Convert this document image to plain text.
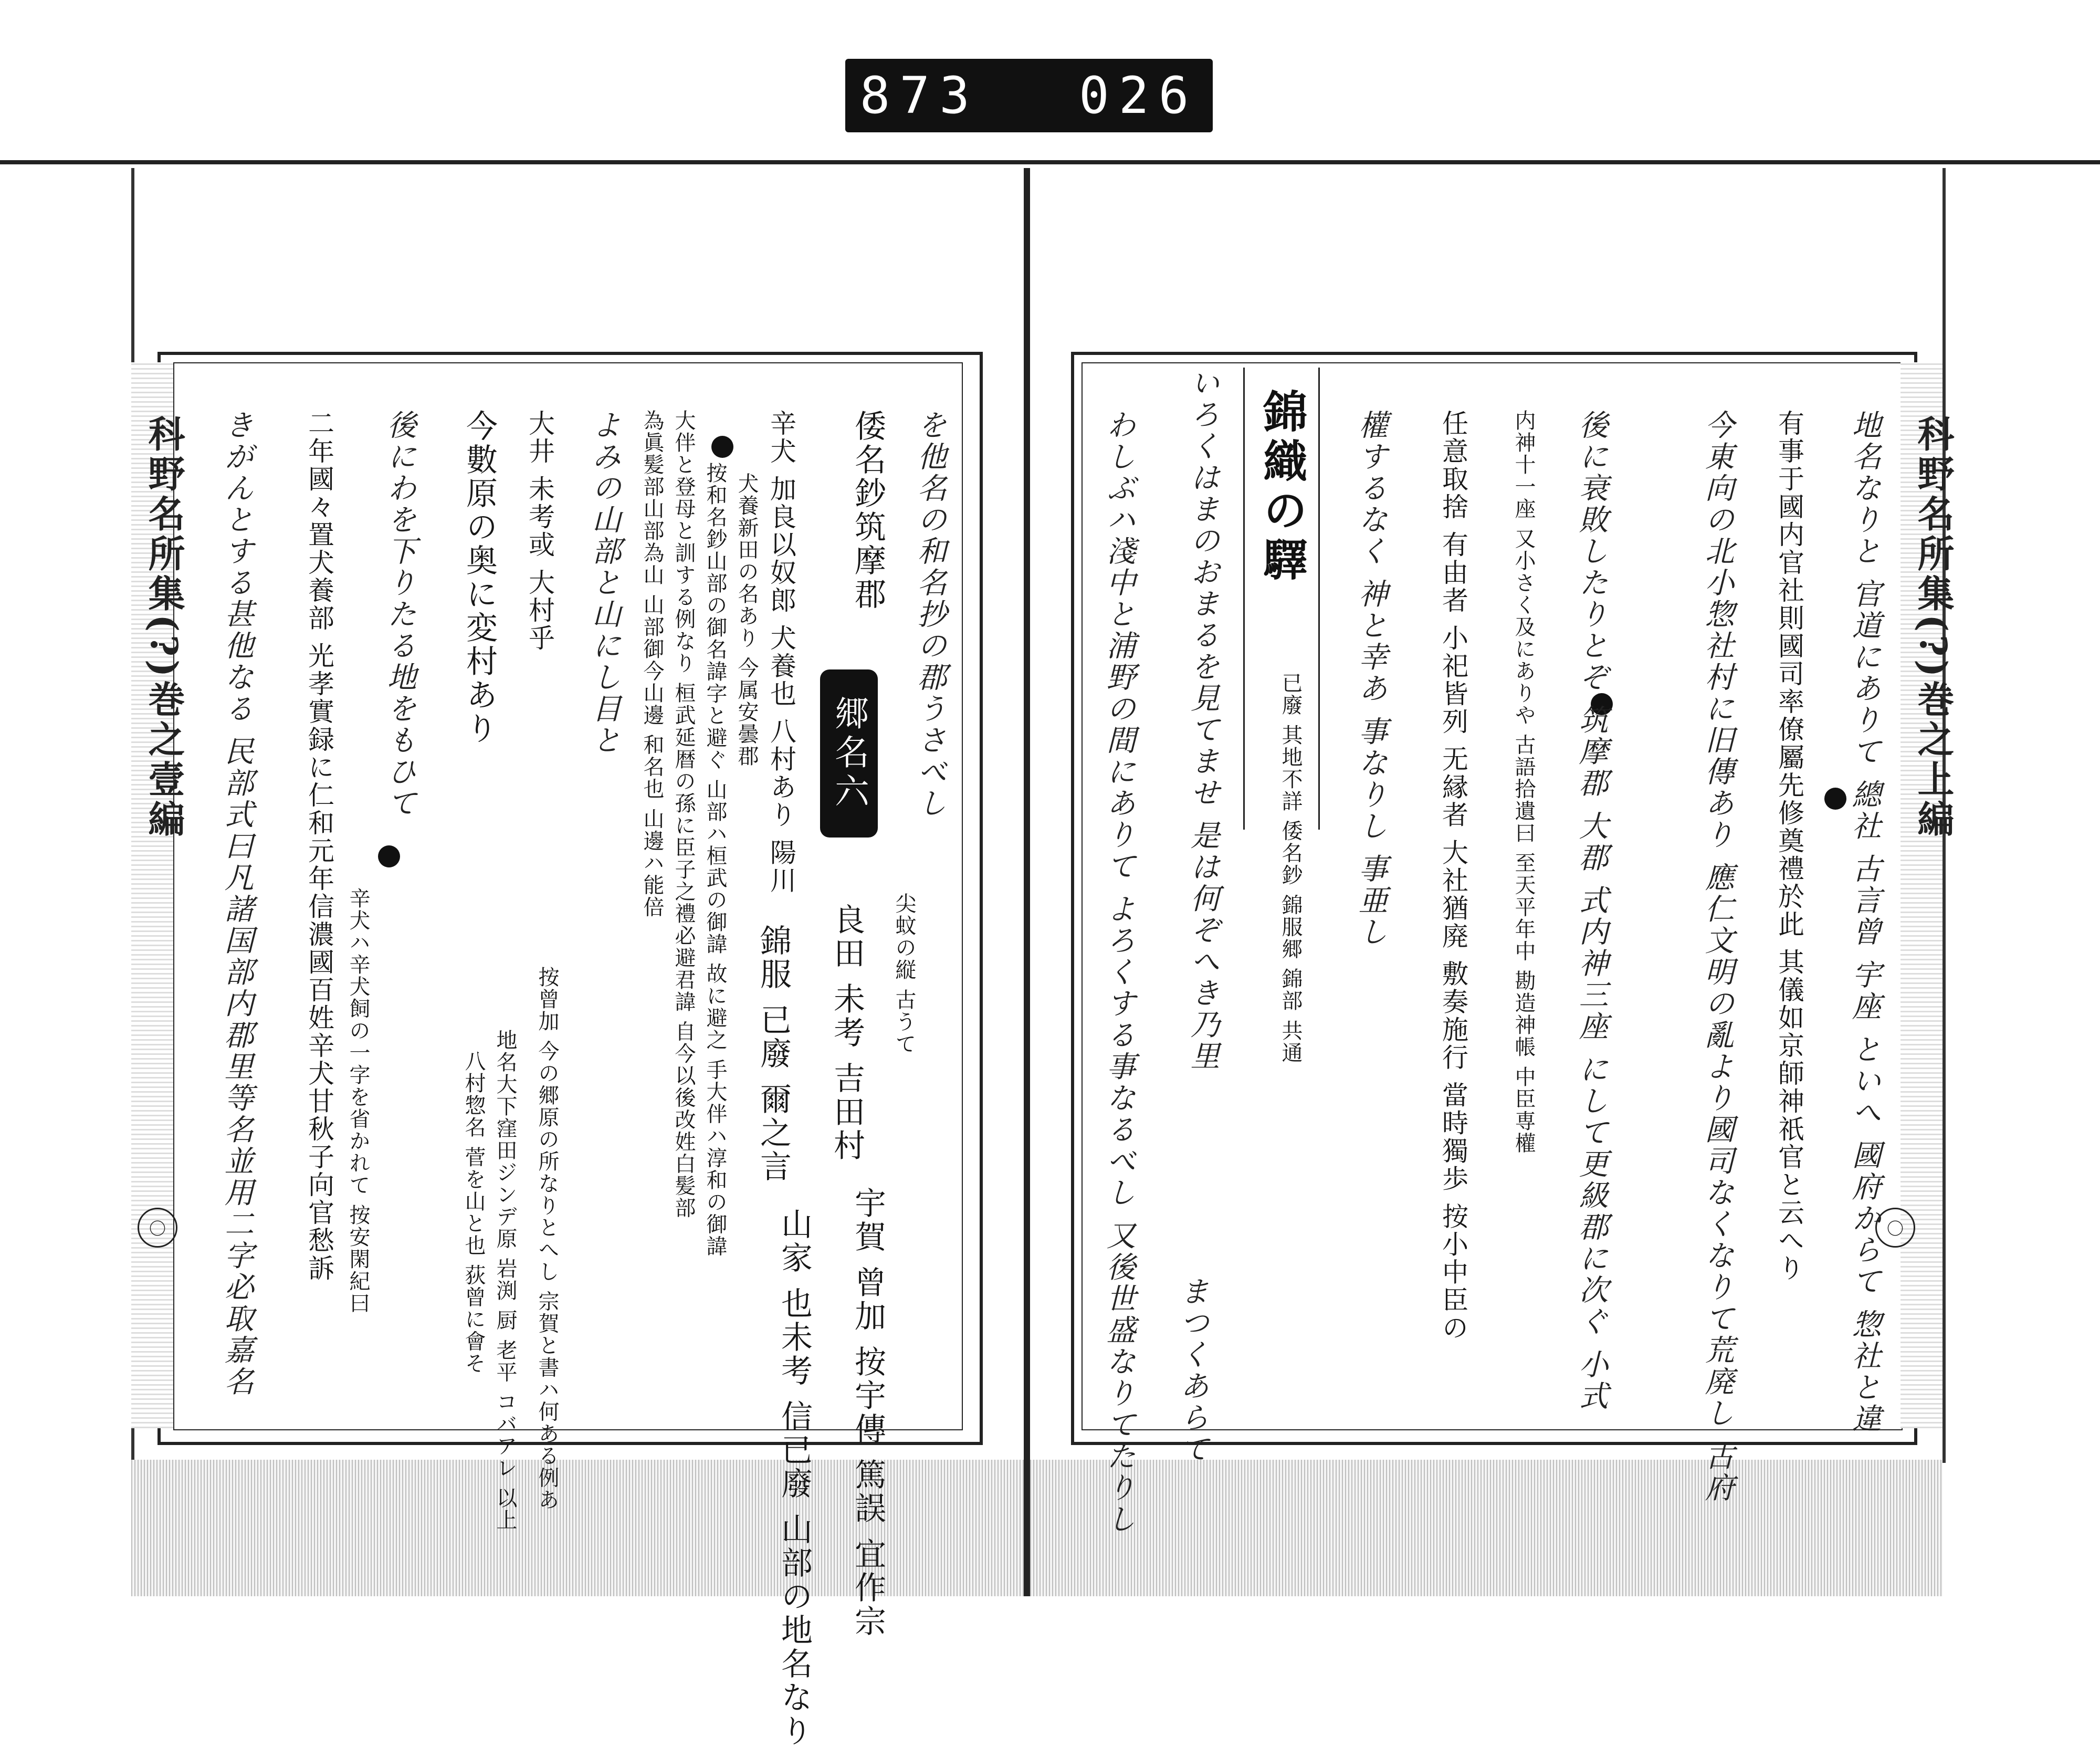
873 026
科野名所集(?)巻之壹編
〇
科野名所集(?)巻之上編
〇
を他名の和名抄の郡うさべし
倭名鈔筑摩郡
郷名六
辛犬 加良以奴郎 犬養也 八村あり 陽川
犬養新田の名あり 今属安曇郡
按和名鈔山部の御名諱字と避ぐ 山部ハ桓武の御諱 故に避之 手大伴ハ淳和の御諱
大伴と登母と訓する例なり 桓武延暦の孫に臣子之禮必避君諱 自今以後改姓白髪部
為眞髪部山部為山 山部御今山邊 和名也 山邊ハ能倍
よみの山部と山にし目と
大井 未考或 大村乎
今數原の奥に変村あり
後にわを下りたる地をもひて
二年國々置犬養部 光孝實録に仁和元年信濃國百姓辛犬甘秋子向官愁訴
きがんとする甚他なる 民部式曰凡諸国部内郡里等名並用二字必取嘉名	尖蚊の縦 古うて
良田 未考 吉田村
錦服 已廢 爾之言
按曾加 今の郷原の所なりとへし 宗賀と書ハ何ある例あ
地名大下窪田ジンデ原 岩渕 厨 老平 コバアレ 以上
八村惣名 菅を山と也 荻曾に會そ
辛犬ハ辛犬飼の一字を省かれて 按安閑紀曰
宇賀 曾加 按宇傳 篤誤 宜作宗
山家 也未考 信已廢 山部の地名なり
地名なりと 官道にありて 總社 古言曾 宇座 といへ 國府からて 惣社と違
有事于國内官社則國司率僚屬先修奠禮於此 其儀如京師神祇官と云へり
今東向の北小惣社村に旧傳あり 應仁文明の亂より國司なくなりて荒廃し 古府
後に衰敗したりとぞ 筑摩郡 大郡 式内神三座 にして更級郡に次ぐ 小式
内神十一座 又小さく及にありや 古語拾遺曰 至天平年中 勘造神帳 中臣専權
任意取捨 有由者 小祀皆列 无縁者 大社猶廃 敷奏施行 當時獨歩 按小中臣の
權するなく 神と幸あ 事なりし 事亜し
錦織の驛
已廢 其地不詳 倭名鈔 錦服郷 錦部 共通
いろくはまのおまるを見てませ 是は何ぞへき乃里
まつくあらて
わしぶハ淺中と浦野の間にありて よろくする事なるべし 又後世盛なりてたりし
